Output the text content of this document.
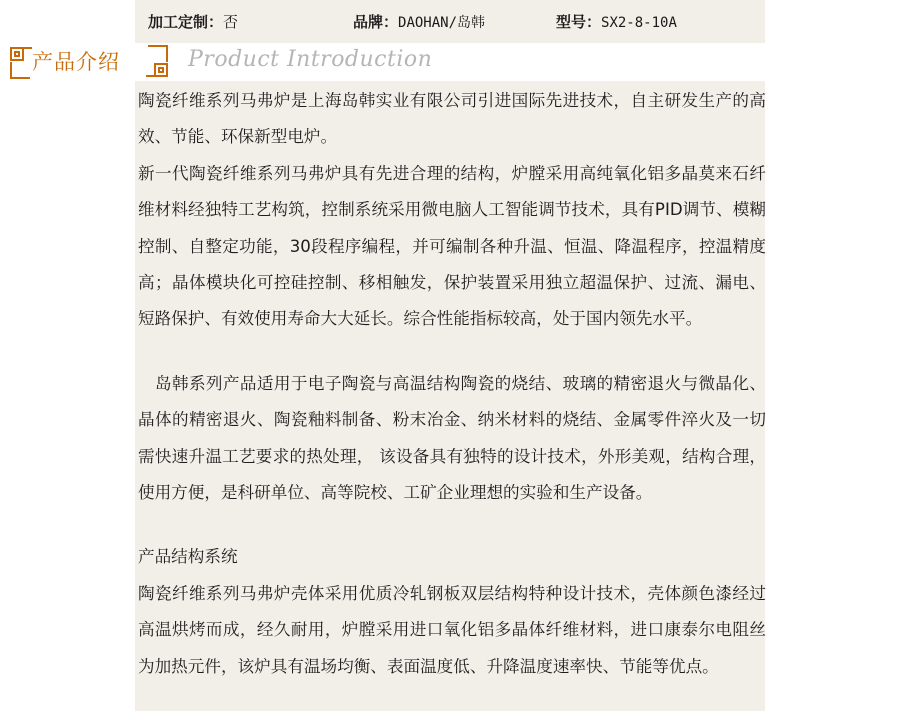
加工定制：否	品牌：DAOHAN/岛韩	型号：SX2-8-10A
产品介绍	Product Introduction

陶瓷纤维系列马弗炉是上海岛韩实业有限公司引进国际先进技术，自主研发生产的高效、节能、环保新型电炉。

新一代陶瓷纤维系列马弗炉具有先进合理的结构，炉膛采用高纯氧化铝多晶莫来石纤维材料经独特工艺构筑，控制系统采用微电脑人工智能调节技术，具有PID调节、模糊控制、自整定功能，30段程序编程，并可编制各种升温、恒温、降温程序，控温精度高；晶体模块化可控硅控制、移相触发，保护装置采用独立超温保护、过流、漏电、短路保护、有效使用寿命大大延长。综合性能指标较高，处于国内领先水平。

　岛韩系列产品适用于电子陶瓷与高温结构陶瓷的烧结、玻璃的精密退火与微晶化、晶体的精密退火、陶瓷釉料制备、粉末冶金、纳米材料的烧结、金属零件淬火及一切需快速升温工艺要求的热处理， 该设备具有独特的设计技术，外形美观，结构合理，使用方便，是科研单位、高等院校、工矿企业理想的实验和生产设备。

产品结构系统

陶瓷纤维系列马弗炉壳体采用优质冷轧钢板双层结构特种设计技术，壳体颜色漆经过高温烘烤而成，经久耐用，炉膛采用进口氧化铝多晶体纤维材料，进口康泰尔电阻丝为加热元件，该炉具有温场均衡、表面温度低、升降温度速率快、节能等优点。
